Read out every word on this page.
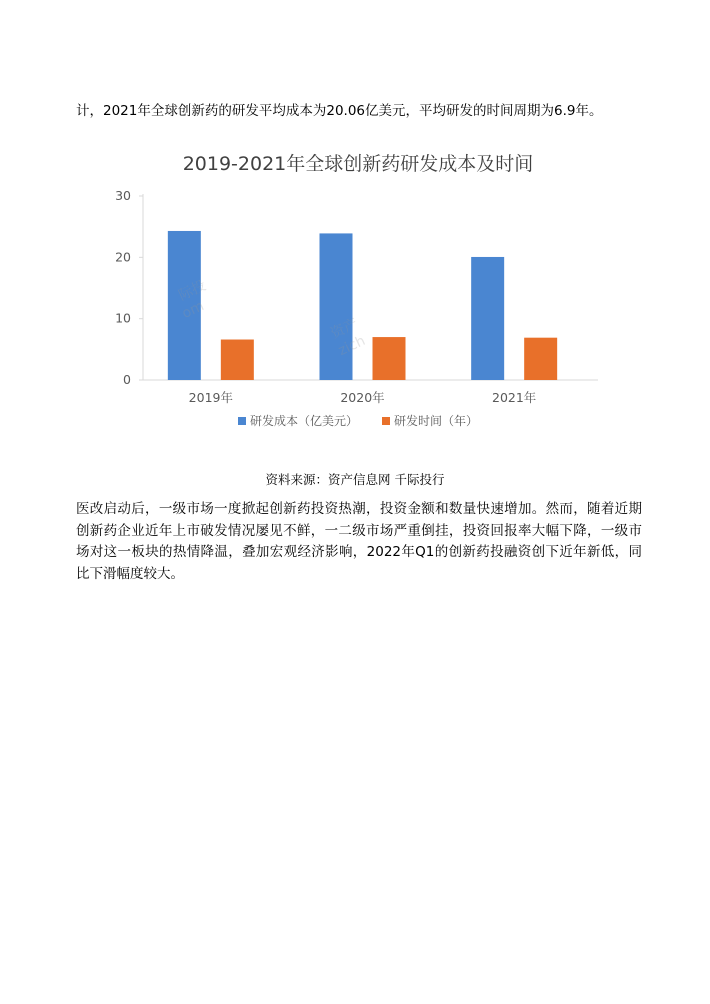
计，2021年全球创新药的研发平均成本为20.06亿美元，平均研发的时间周期为6.9年。

2019-2021年全球创新药研发成本及时间
0
10
20
30
2019年	2020年	2021年
研发成本（亿美元）	研发时间（年）
资产
zich
际投
om
资料来源：资产信息网 千际投行

医改启动后，一级市场一度掀起创新药投资热潮，投资金额和数量快速增加。然而，随着近期创新药企业近年上市破发情况屡见不鲜，一二级市场严重倒挂，投资回报率大幅下降，一级市场对这一板块的热情降温，叠加宏观经济影响，2022年Q1的创新药投融资创下近年新低，同比下滑幅度较大。
